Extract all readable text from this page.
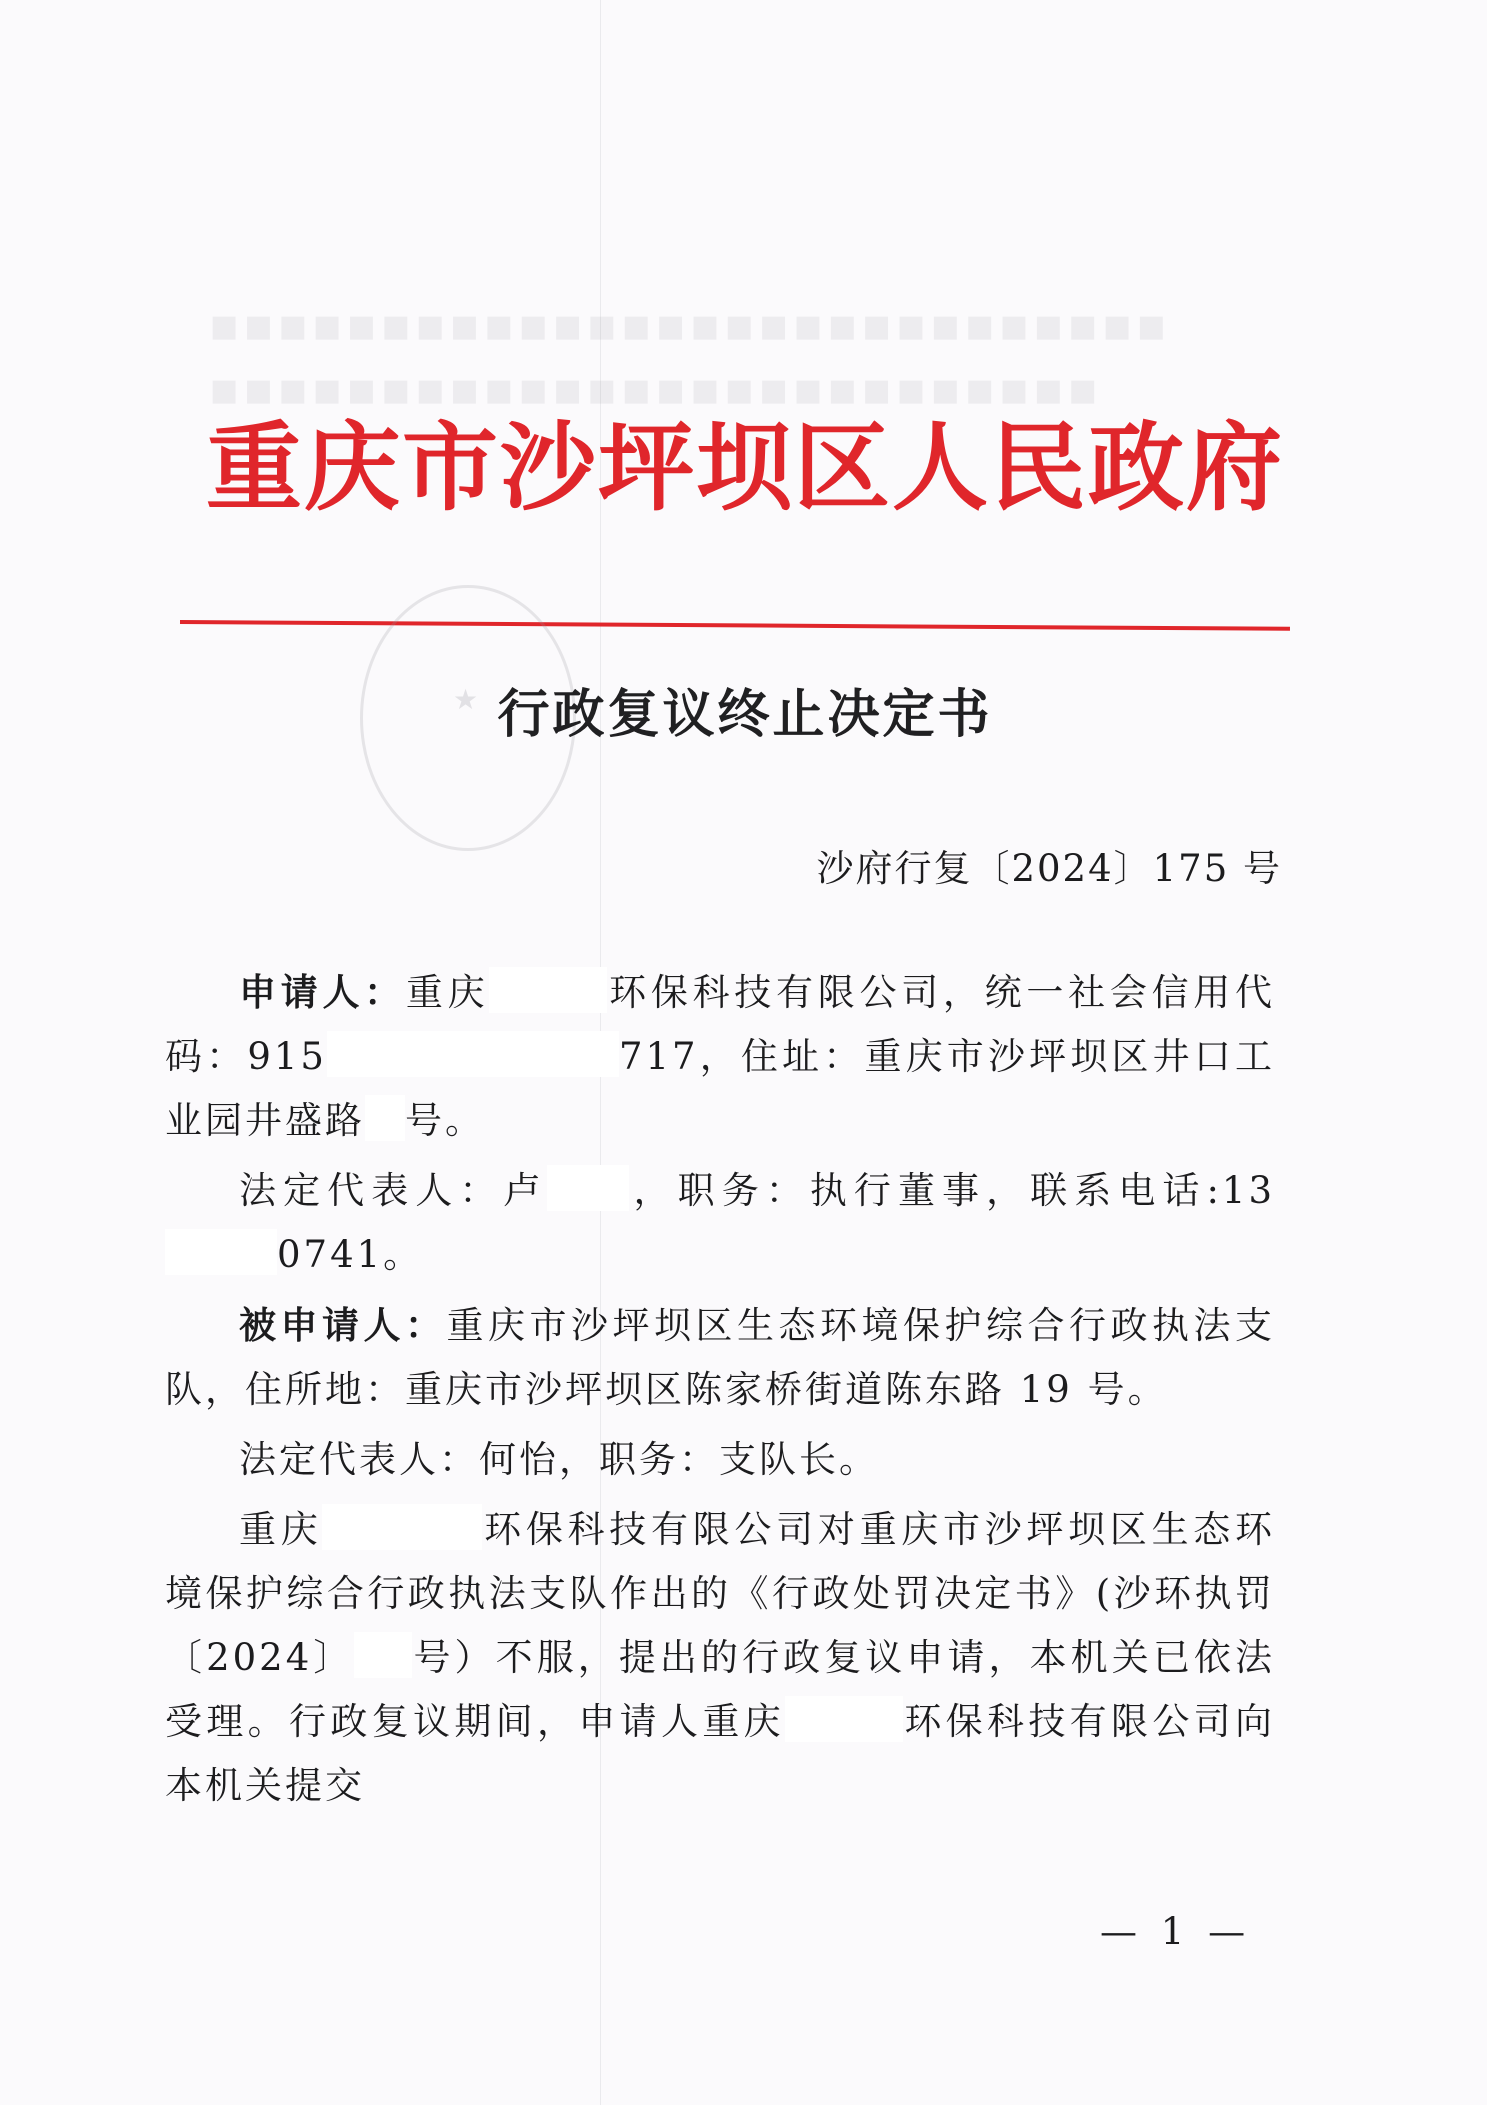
■■■■■■■■■■■■■■■■■■■■■■■■■■■■
■■■■■■■■■■■■■■■■■■■■■■■■■■
重庆市沙坪坝区人民政府
★ 行政复议终止决定书
沙府行复〔2024〕175 号

申请人：重庆	环保科技有限公司，统一社会信用代码：915	717，住址：重庆市沙坪坝区井口工业园井盛路 号。

法定代表人：卢 ，职务：执行董事，联系电话:130741。

被申请人：重庆市沙坪坝区生态环境保护综合行政执法支队，住所地：重庆市沙坪坝区陈家桥街道陈东路 19 号。

法定代表人：何怡，职务：支队长。

重庆	环保科技有限公司对重庆市沙坪坝区生态环境保护综合行政执法支队作出的《行政处罚决定书》(沙环执罚〔2024〕 号）不服，提出的行政复议申请，本机关已依法受理。行政复议期间，申请人重庆	环保科技有限公司向本机关提交

— 1 —
